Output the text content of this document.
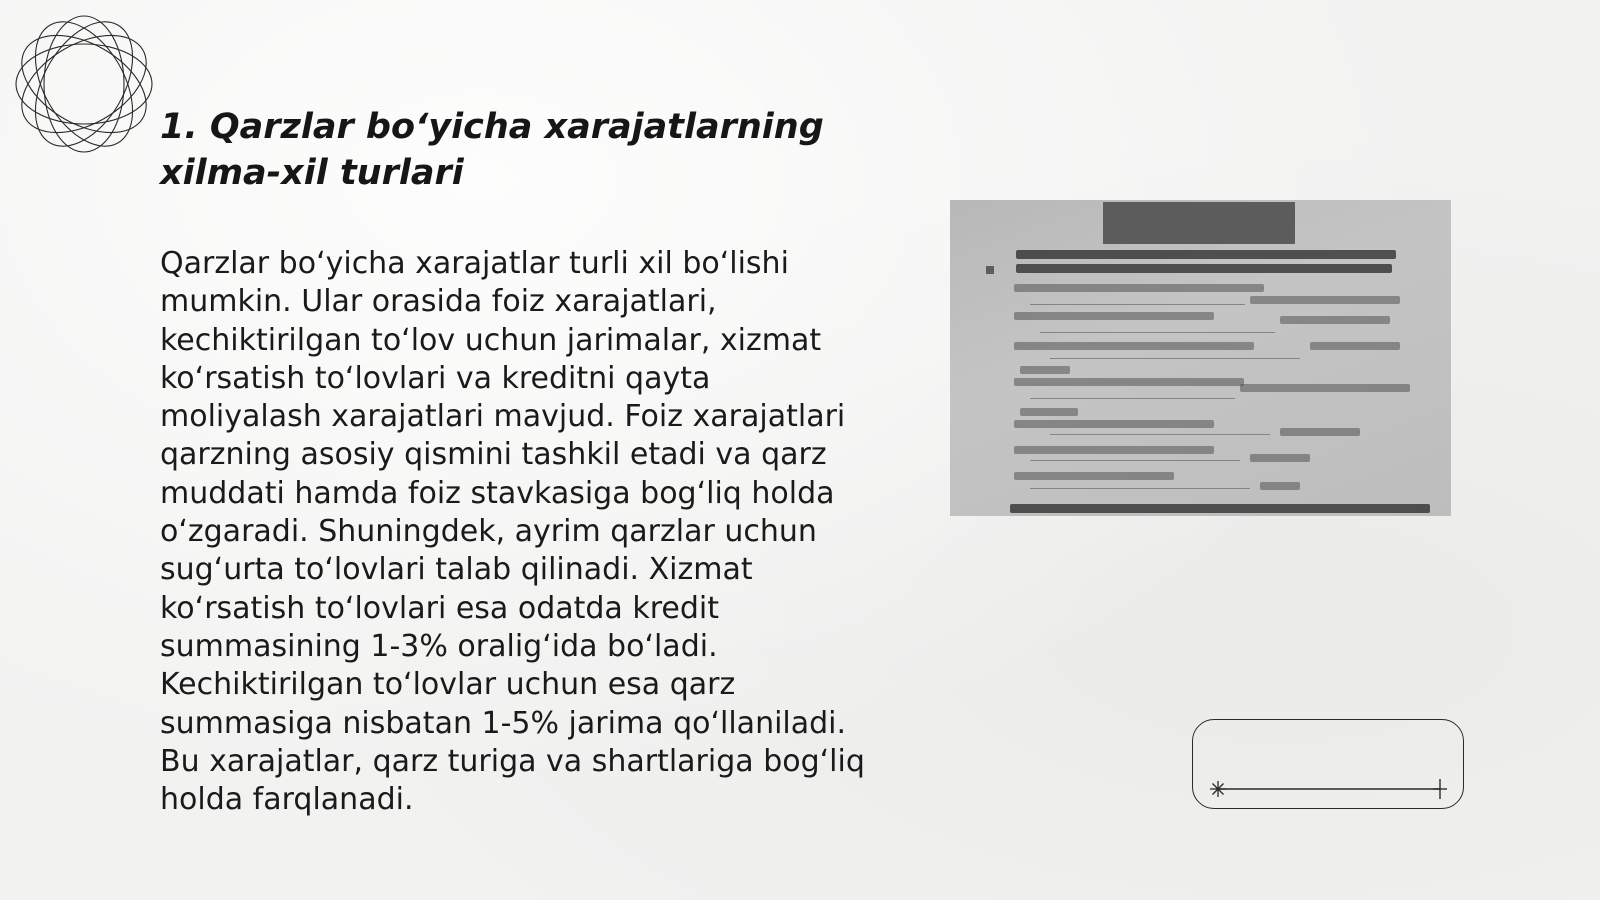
1. Qarzlar bo‘yicha xarajatlarning
xilma-xil turlari

Qarzlar bo‘yicha xarajatlar turli xil bo‘lishi mumkin. Ular orasida foiz xarajatlari, kechiktirilgan to‘lov uchun jarimalar, xizmat ko‘rsatish to‘lovlari va kreditni qayta moliyalash xarajatlari mavjud. Foiz xarajatlari qarzning asosiy qismini tashkil etadi va qarz muddati hamda foiz stavkasiga bog‘liq holda o‘zgaradi. Shuningdek, ayrim qarzlar uchun sug‘urta to‘lovlari talab qilinadi. Xizmat ko‘rsatish to‘lovlari esa odatda kredit summasining 1-3% oralig‘ida bo‘ladi. Kechiktirilgan to‘lovlar uchun esa qarz summasiga nisbatan 1-5% jarima qo‘llaniladi. Bu xarajatlar, qarz turiga va shartlariga bog‘liq holda farqlanadi.
